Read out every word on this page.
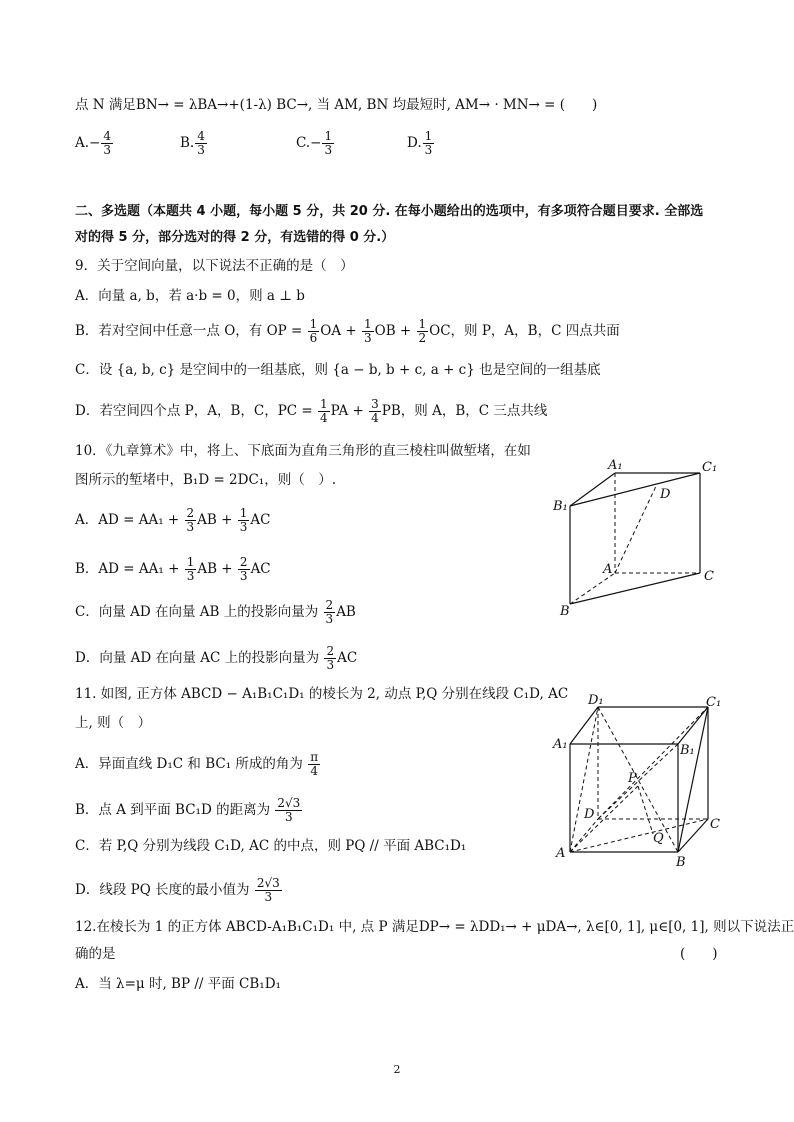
点 N 满足BN→ = λBA→+(1-λ) BC→, 当 AM, BN 均最短时, AM→ · MN→ = (　　)
$A.- \frac{4}{3}$	B. $\frac{4}{3}$	$C.- \frac{1}{3}$	D. $\frac{1}{3}$
二、多选题（本题共 4 小题，每小题 5 分，共 20 分. 在每小题给出的选项中，有多项符合题目要求. 全部选
对的得 5 分，部分选对的得 2 分，有选错的得 0 分.）
9．关于空间向量，以下说法不正确的是（　）
A．向量 a, b，若 a·b = 0，则 a ⊥ b
B．若对空间中任意一点 O，有 OP = $\frac{1}{6}$ OA + $\frac{1}{3}$ OB + $\frac{1}{2}$ OC，则 P，A，B，C 四点共面
C．设 {a, b, c} 是空间中的一组基底，则 {a − b, b + c, a + c} 也是空间的一组基底
D．若空间四个点 P，A，B，C，PC = $\frac{1}{4}$ PA + $\frac{3}{4}$ PB，则 A，B，C 三点共线
10．《九章算术》中，将上、下底面为直角三角形的直三棱柱叫做堑堵，在如
图所示的堑堵中，B₁D = 2DC₁，则（　）.
A．AD = $AA_1 + \frac{2}{3}$ AB + $\frac{1}{3}$ AC
B．AD = $AA_1 + \frac{1}{3}$ AB + $\frac{2}{3}$ AC
C．向量 AD 在向量 AB 上的投影向量为 $\frac{2}{3}$ AB
D．向量 AD 在向量 AC 上的投影向量为 $\frac{2}{3}$ AC
A₁	C₁
D
B₁
A	C
B
11. 如图, 正方体 ABCD − A₁B₁C₁D₁ 的棱长为 2, 动点 P,Q 分别在线段 C₁D, AC
上, 则（　）
A．异面直线 D₁C 和 BC₁ 所成的角为 $\frac{\pi}{4}$
B．点 A 到平面 BC₁D 的距离为 $\frac{2√3}{3}$
C．若 P,Q 分别为线段 C₁D, AC 的中点，则 PQ // 平面 ABC₁D₁
D．线段 PQ 长度的最小值为 $\frac{2√3}{3}$
D₁	C₁
A₁	B₁
P
D
C
Q
A
B
12.在棱长为 1 的正方体 ABCD-A₁B₁C₁D₁ 中, 点 P 满足DP→ = λDD₁→ + μDA→, λ∈[0, 1], μ∈[0, 1], 则以下说法正
确的是	(　　)
A．当 λ=μ 时, BP // 平面 CB₁D₁
2
